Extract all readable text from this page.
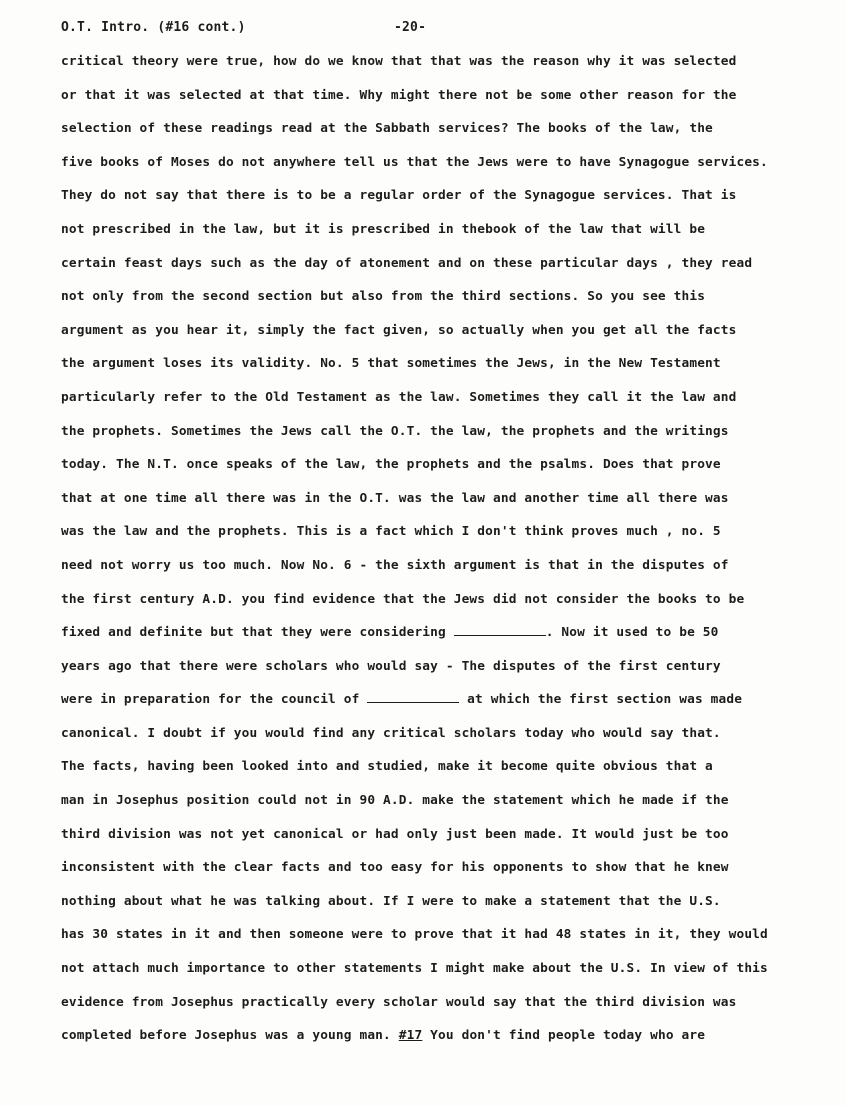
O.T. Intro. (#16 cont.)	-20-
critical theory were true, how do we know that that was the reason why it was selected
or that it was selected at that time. Why might there not be some other reason for the
selection of these readings read at the Sabbath services? The books of the law, the
five books of Moses do not anywhere tell us that the Jews were to have Synagogue services.
They do not say that there is to be a regular order of the Synagogue services. That is
not prescribed in the law, but it is prescribed in thebook of the law that will be
certain feast days such as the day of atonement and on these particular days , they read
not only from the second section but also from the third sections. So you see this
argument as you hear it, simply the fact given, so actually when you get all the facts
the argument loses its validity. No. 5 that sometimes the Jews, in the New Testament
particularly refer to the Old Testament as the law. Sometimes they call it the law and
the prophets. Sometimes the Jews call the O.T. the law, the prophets and the writings
today. The N.T. once speaks of the law, the prophets and the psalms. Does that prove
that at one time all there was in the O.T. was the law and another time all there was
was the law and the prophets. This is a fact which I don't think proves much , no. 5
need not worry us too much. Now No. 6 - the sixth argument is that in the disputes of
the first century A.D. you find evidence that the Jews did not consider the books to be
fixed and definite but that they were considering	. Now it used to be 50
years ago that there were scholars who would say - The disputes of the first century
were in preparation for the council of	at which the first section was made
canonical. I doubt if you would find any critical scholars today who would say that.
The facts, having been looked into and studied, make it become quite obvious that a
man in Josephus position could not in 90 A.D. make the statement which he made if the
third division was not yet canonical or had only just been made. It would just be too
inconsistent with the clear facts and too easy for his opponents to show that he knew
nothing about what he was talking about. If I were to make a statement that the U.S.
has 30 states in it and then someone were to prove that it had 48 states in it, they would
not attach much importance to other statements I might make about the U.S. In view of this
evidence from Josephus practically every scholar would say that the third division was
completed before Josephus was a young man. #17 You don't find people today who are
